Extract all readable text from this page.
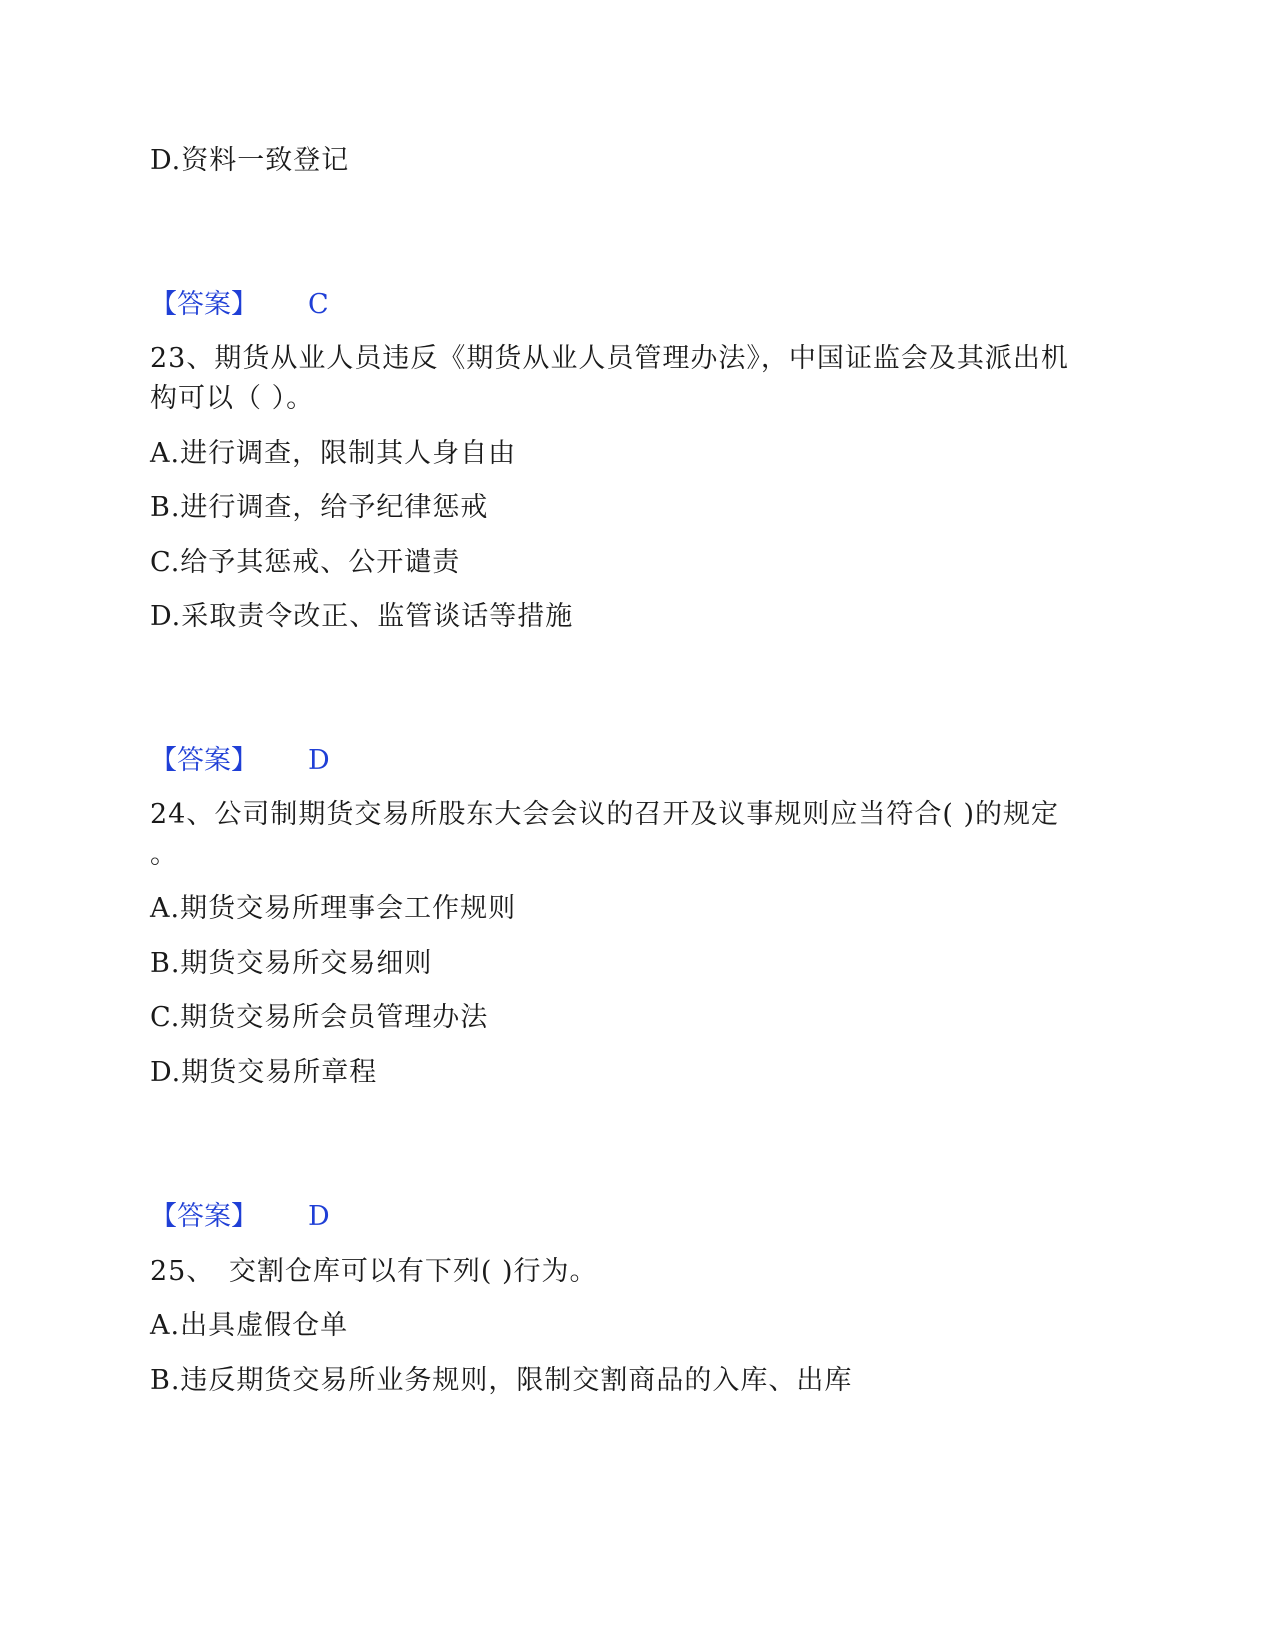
D.资料一致登记
【答案】 C
23、期货从业人员违反《期货从业人员管理办法》，中国证监会及其派出机
构可以（ ）。
A.进行调查，限制其人身自由
B.进行调查，给予纪律惩戒
C.给予其惩戒、公开谴责
D.采取责令改正、监管谈话等措施
【答案】 D
24、公司制期货交易所股东大会会议的召开及议事规则应当符合( )的规定
。
A.期货交易所理事会工作规则
B.期货交易所交易细则
C.期货交易所会员管理办法
D.期货交易所章程
【答案】 D
25、　交割仓库可以有下列( )行为。
A.出具虚假仓单
B.违反期货交易所业务规则，限制交割商品的入库、出库
